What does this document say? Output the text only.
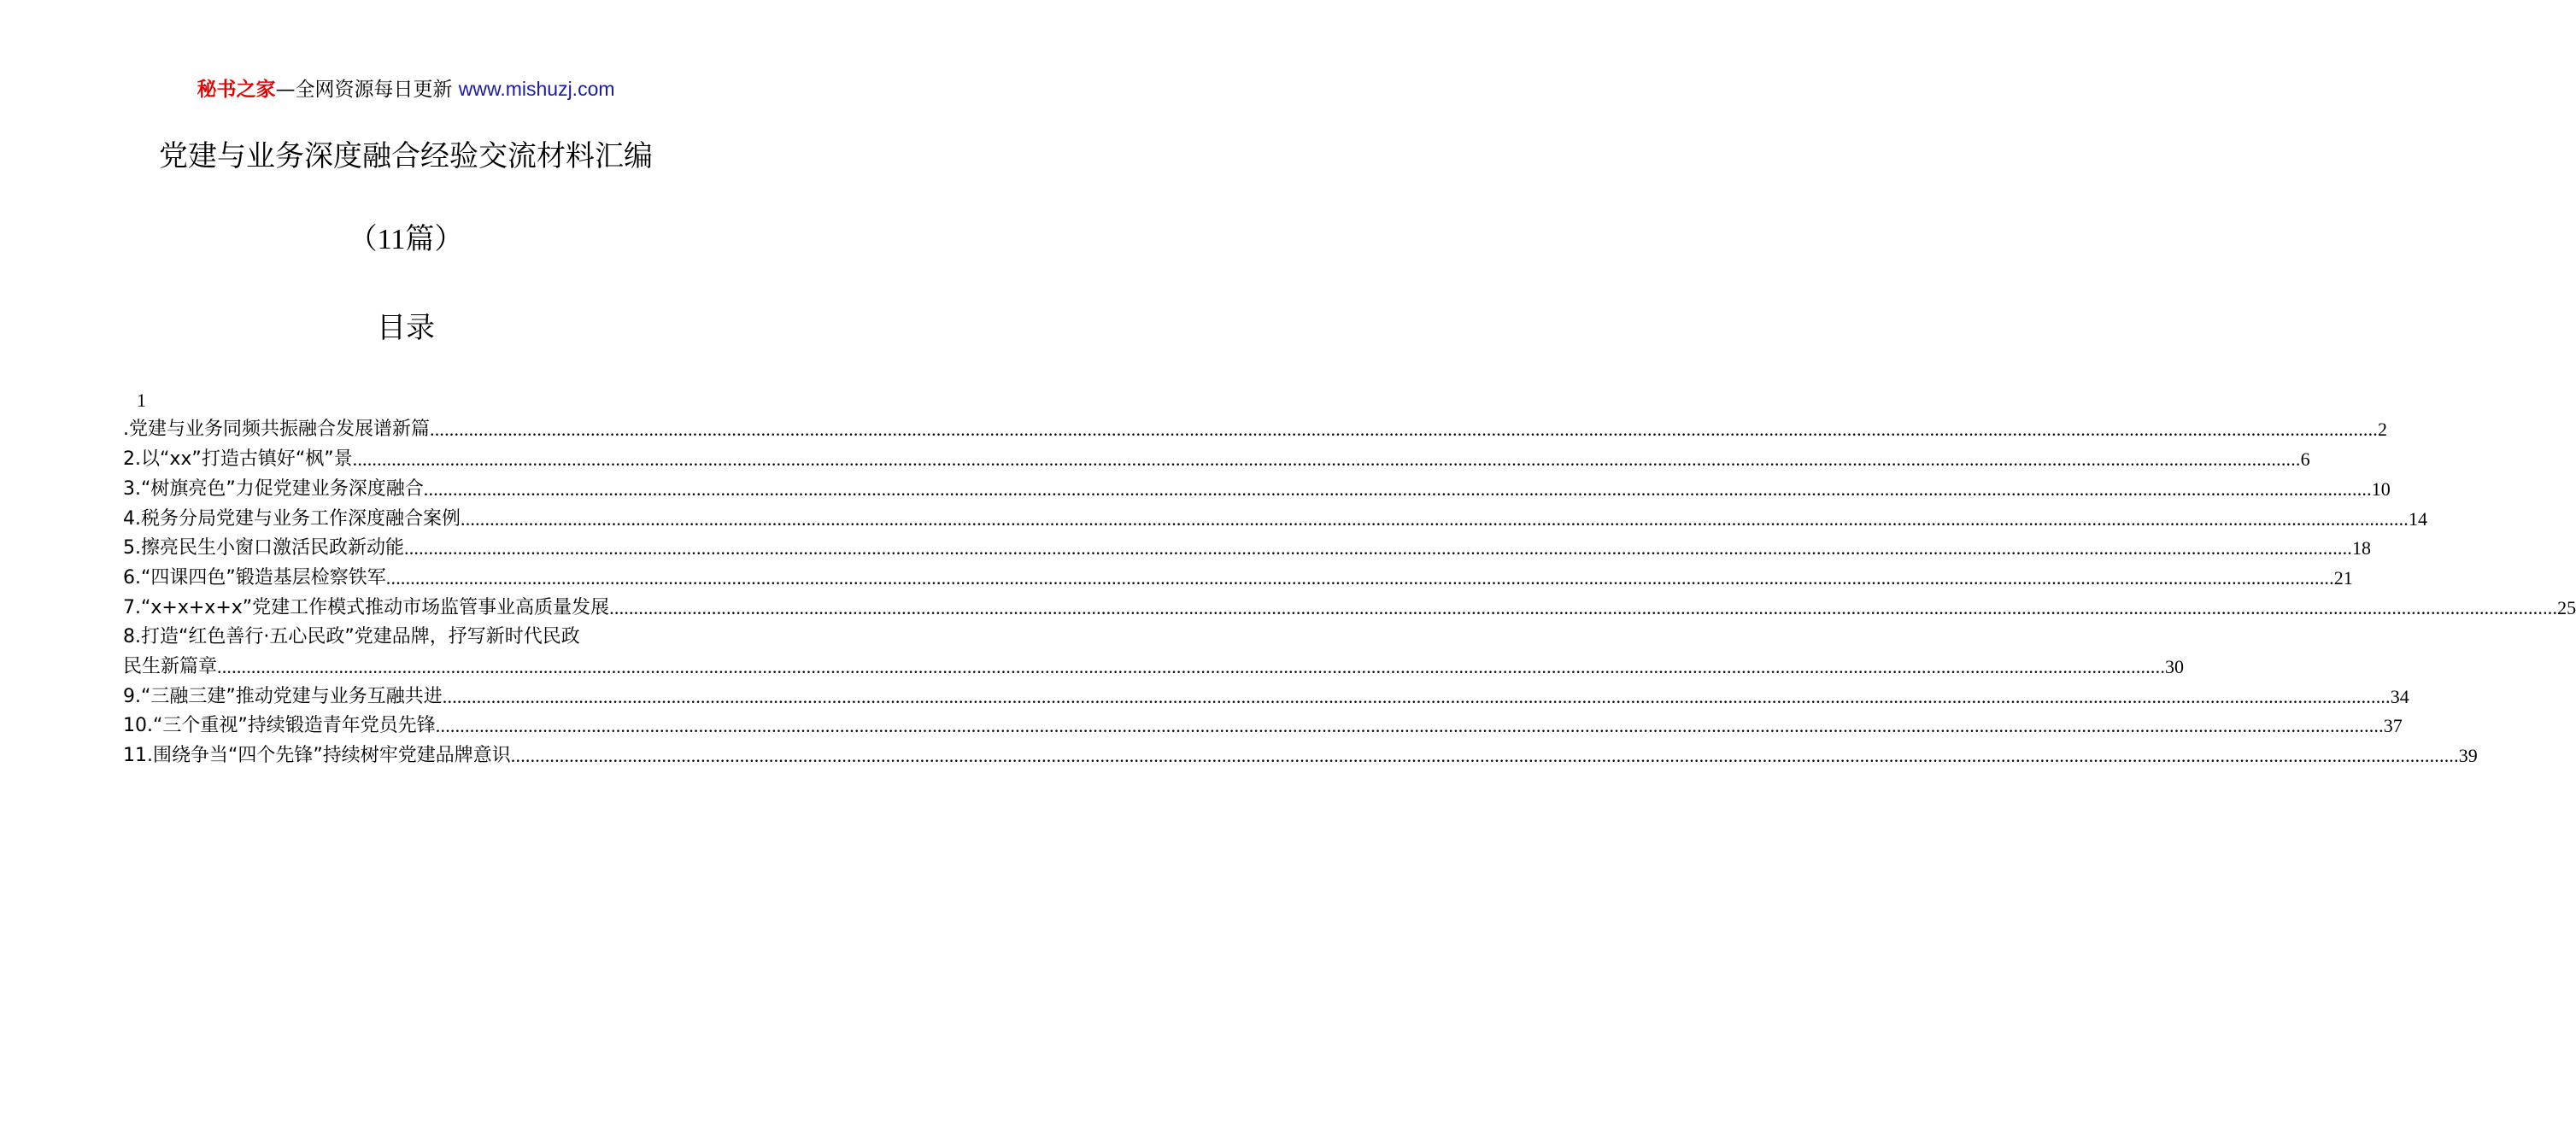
秘书之家—全网资源每日更新 www.mishuzj.com
党建与业务深度融合经验交流材料汇编
（11篇）
目录
1
.党建与业务同频共振融合发展谱新篇 ................................................................................................................................................................................................................................................................................................................................................................................................................ 2
2.以“xx”打造古镇好“枫”景 ................................................................................................................................................................................................................................................................................................................................................................................................................ 6
3.“树旗亮色”力促党建业务深度融合 ................................................................................................................................................................................................................................................................................................................................................................................................................ 10
4.税务分局党建与业务工作深度融合案例 ................................................................................................................................................................................................................................................................................................................................................................................................................ 14
5.擦亮民生小窗口激活民政新动能 ................................................................................................................................................................................................................................................................................................................................................................................................................ 18
6.“四课四色”锻造基层检察铁军 ................................................................................................................................................................................................................................................................................................................................................................................................................ 21
7.“x+x+x+x”党建工作模式推动市场监管事业高质量发展 ................................................................................................................................................................................................................................................................................................................................................................................................................ 25
8.打造“红色善行·五心民政”党建品牌，抒写新时代民政
民生新篇章 ................................................................................................................................................................................................................................................................................................................................................................................................................ 30
9.“三融三建”推动党建与业务互融共进 ................................................................................................................................................................................................................................................................................................................................................................................................................ 34
10.“三个重视”持续锻造青年党员先锋 ................................................................................................................................................................................................................................................................................................................................................................................................................ 37
11.围绕争当“四个先锋”持续树牢党建品牌意识 ................................................................................................................................................................................................................................................................................................................................................................................................................ 39
